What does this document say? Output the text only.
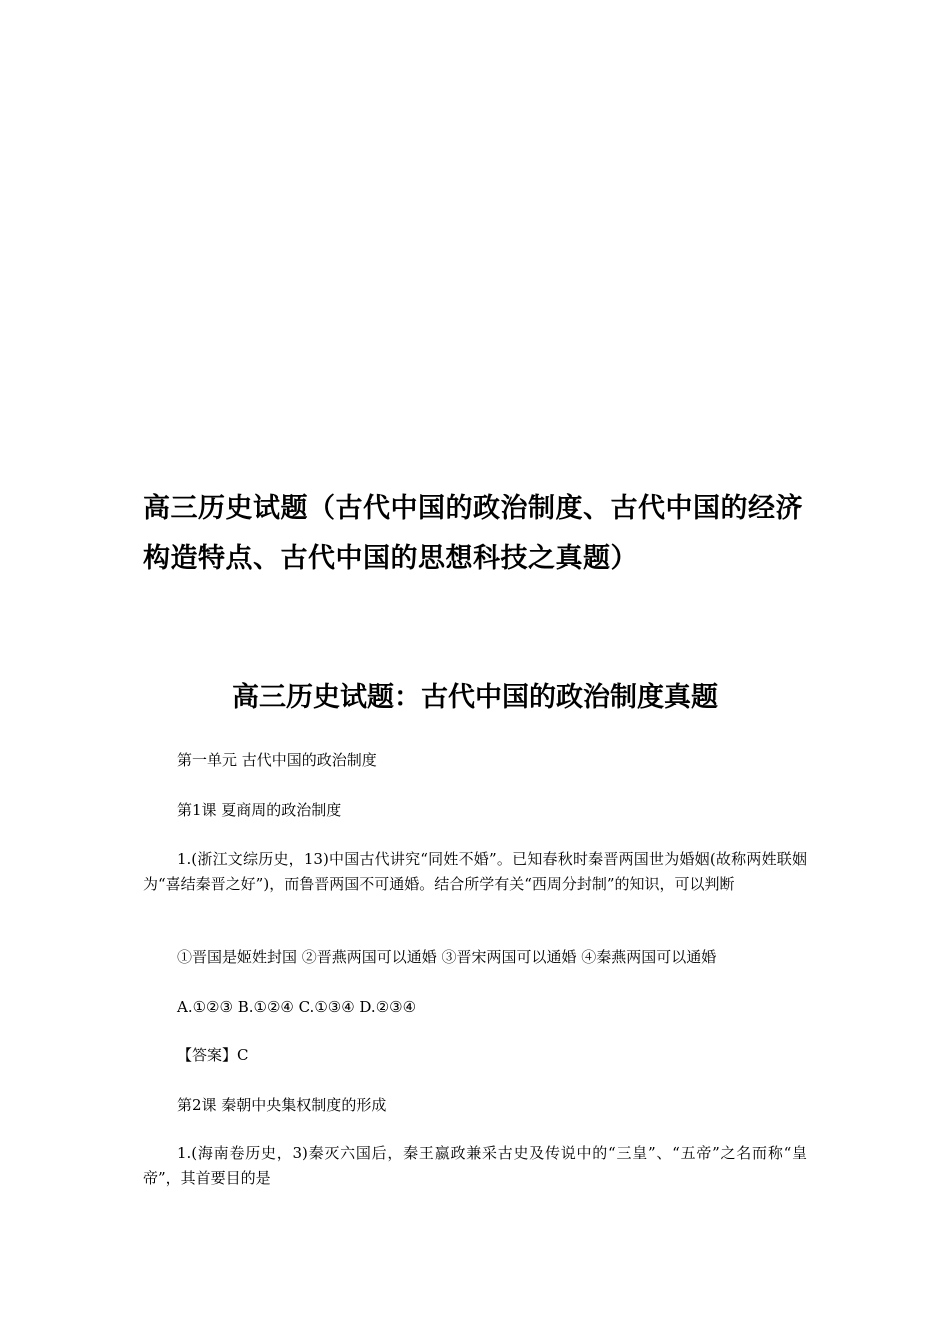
高三历史试题（古代中国的政治制度、古代中国的经济构造特点、古代中国的思想科技之真题）
高三历史试题：古代中国的政治制度真题

第一单元 古代中国的政治制度

第1课 夏商周的政治制度

1.(浙江文综历史，13)中国古代讲究“同姓不婚”。已知春秋时秦晋两国世为婚姻(故称两姓联姻为“喜结秦晋之好”)，而鲁晋两国不可通婚。结合所学有关“西周分封制”的知识，可以判断

①晋国是姬姓封国 ②晋燕两国可以通婚 ③晋宋两国可以通婚 ④秦燕两国可以通婚

A.①②③ B.①②④ C.①③④ D.②③④

【答案】C

第2课 秦朝中央集权制度的形成

1.(海南卷历史，3)秦灭六国后，秦王嬴政兼采古史及传说中的“三皇”、“五帝”之名而称“皇帝”，其首要目的是
